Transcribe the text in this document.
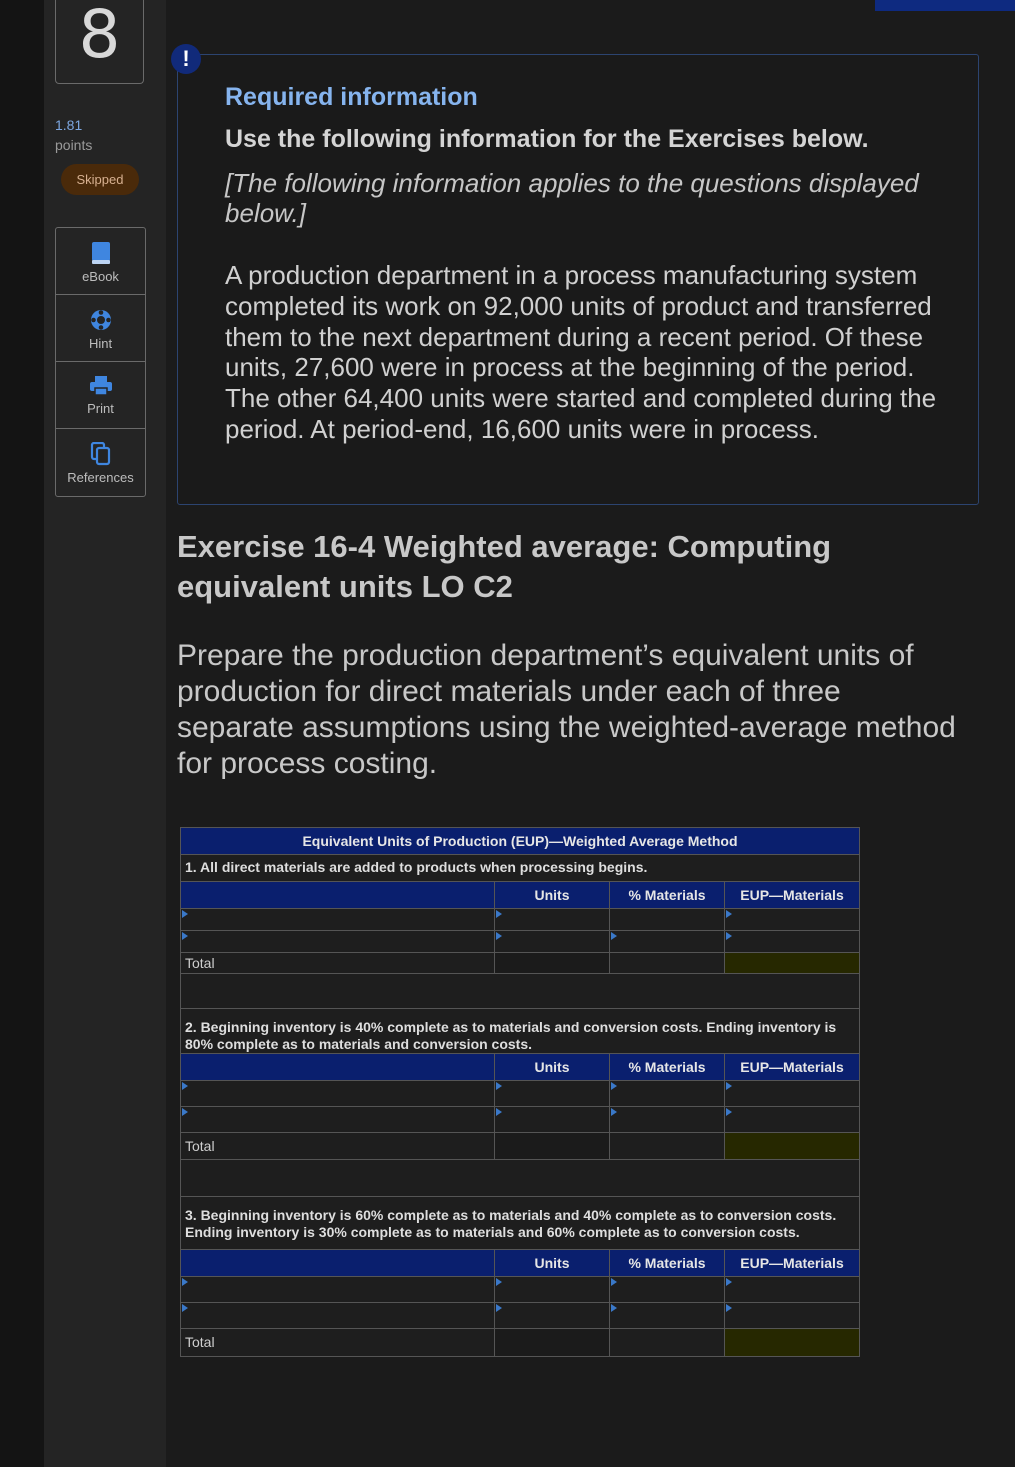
8
1.81
points
Skipped
eBook
Hint
Print
References
Required information
Use the following information for the Exercises below.
[The following information applies to the questions displayed below.]
A production department in a process manufacturing system completed its work on 92,000 units of product and transferred them to the next department during a recent period. Of these units, 27,600 were in process at the beginning of the period. The other 64,400 units were started and completed during the period. At period-end, 16,600 units were in process.
!
Exercise 16-4 Weighted average: Computing equivalent units LO C2
Prepare the production department’s equivalent units of
production for direct materials under each of three
separate assumptions using the weighted-average method
for process costing.
Equivalent Units of Production (EUP)—Weighted Average Method
1. All direct materials are added to products when processing begins.
Units	% Materials	EUP—Materials
Total
2. Beginning inventory is 40% complete as to materials and conversion costs. Ending inventory is 80% complete as to materials and conversion costs.
Units	% Materials	EUP—Materials
Total
3. Beginning inventory is 60% complete as to materials and 40% complete as to conversion costs. Ending inventory is 30% complete as to materials and 60% complete as to conversion costs.
Units	% Materials	EUP—Materials
Total
